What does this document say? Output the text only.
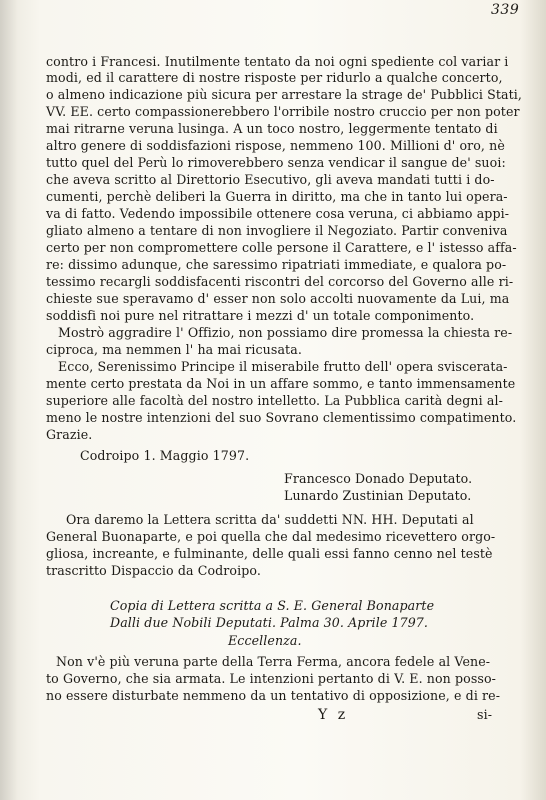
339
contro i Francesi. Inutilmente tentato da noi ogni spediente col variar i
modi, ed il carattere di nostre risposte per ridurlo a qualche concerto,
o almeno indicazione più sicura per arrestare la strage de' Pubblici Stati,
VV. EE. certo compassionerebbero l'orribile nostro cruccio per non poter
mai ritrarne veruna lusinga. A un toco nostro, leggermente tentato di
altro genere di soddisfazioni rispose, nemmeno 100. Millioni d' oro, nè
tutto quel del Perù lo rimoverebbero senza vendicar il sangue de' suoi:
che aveva scritto al Direttorio Esecutivo, gli aveva mandati tutti i do-
cumenti, perchè deliberi la Guerra in diritto, ma che in tanto lui opera-
va di fatto. Vedendo impossibile ottenere cosa veruna, ci abbiamo appi-
gliato almeno a tentare di non invogliere il Negoziato. Partir conveniva
certo per non compromettere colle persone il Carattere, e l' istesso affa-
re: dissimo adunque, che saressimo ripatriati immediate, e qualora po-
tessimo recargli soddisfacenti riscontri del corcorso del Governo alle ri-
chieste sue speravamo d' esser non solo accolti nuovamente da Lui, ma
soddisfi noi pure nel ritrattare i mezzi d' un totale componimento.
Mostrò aggradire l' Offizio, non possiamo dire promessa la chiesta re-
ciproca, ma nemmen l' ha mai ricusata.
Ecco, Serenissimo Principe il miserabile frutto dell' opera sviscerata-
mente certo prestata da Noi in un affare sommo, e tanto immensamente
superiore alle facoltà del nostro intelletto. La Pubblica carità degni al-
meno le nostre intenzioni del suo Sovrano clementissimo compatimento.
Grazie.
Codroipo 1. Maggio 1797.
Francesco Donado Deputato.
Lunardo Zustinian Deputato.
Ora daremo la Lettera scritta da' suddetti NN. HH. Deputati al
General Buonaparte, e poi quella che dal medesimo ricevettero orgo-
gliosa, increante, e fulminante, delle quali essi fanno cenno nel testè
trascritto Dispaccio da Codroipo.
Copia di Lettera scritta a S. E. General Bonaparte
Dalli due Nobili Deputati. Palma 30. Aprile 1797.
Eccellenza.
Non v'è più veruna parte della Terra Ferma, ancora fedele al Vene-
to Governo, che sia armata. Le intenzioni pertanto di V. E. non posso-
no essere disturbate nemmeno da un tentativo di opposizione, e di re-
Y z	si-
